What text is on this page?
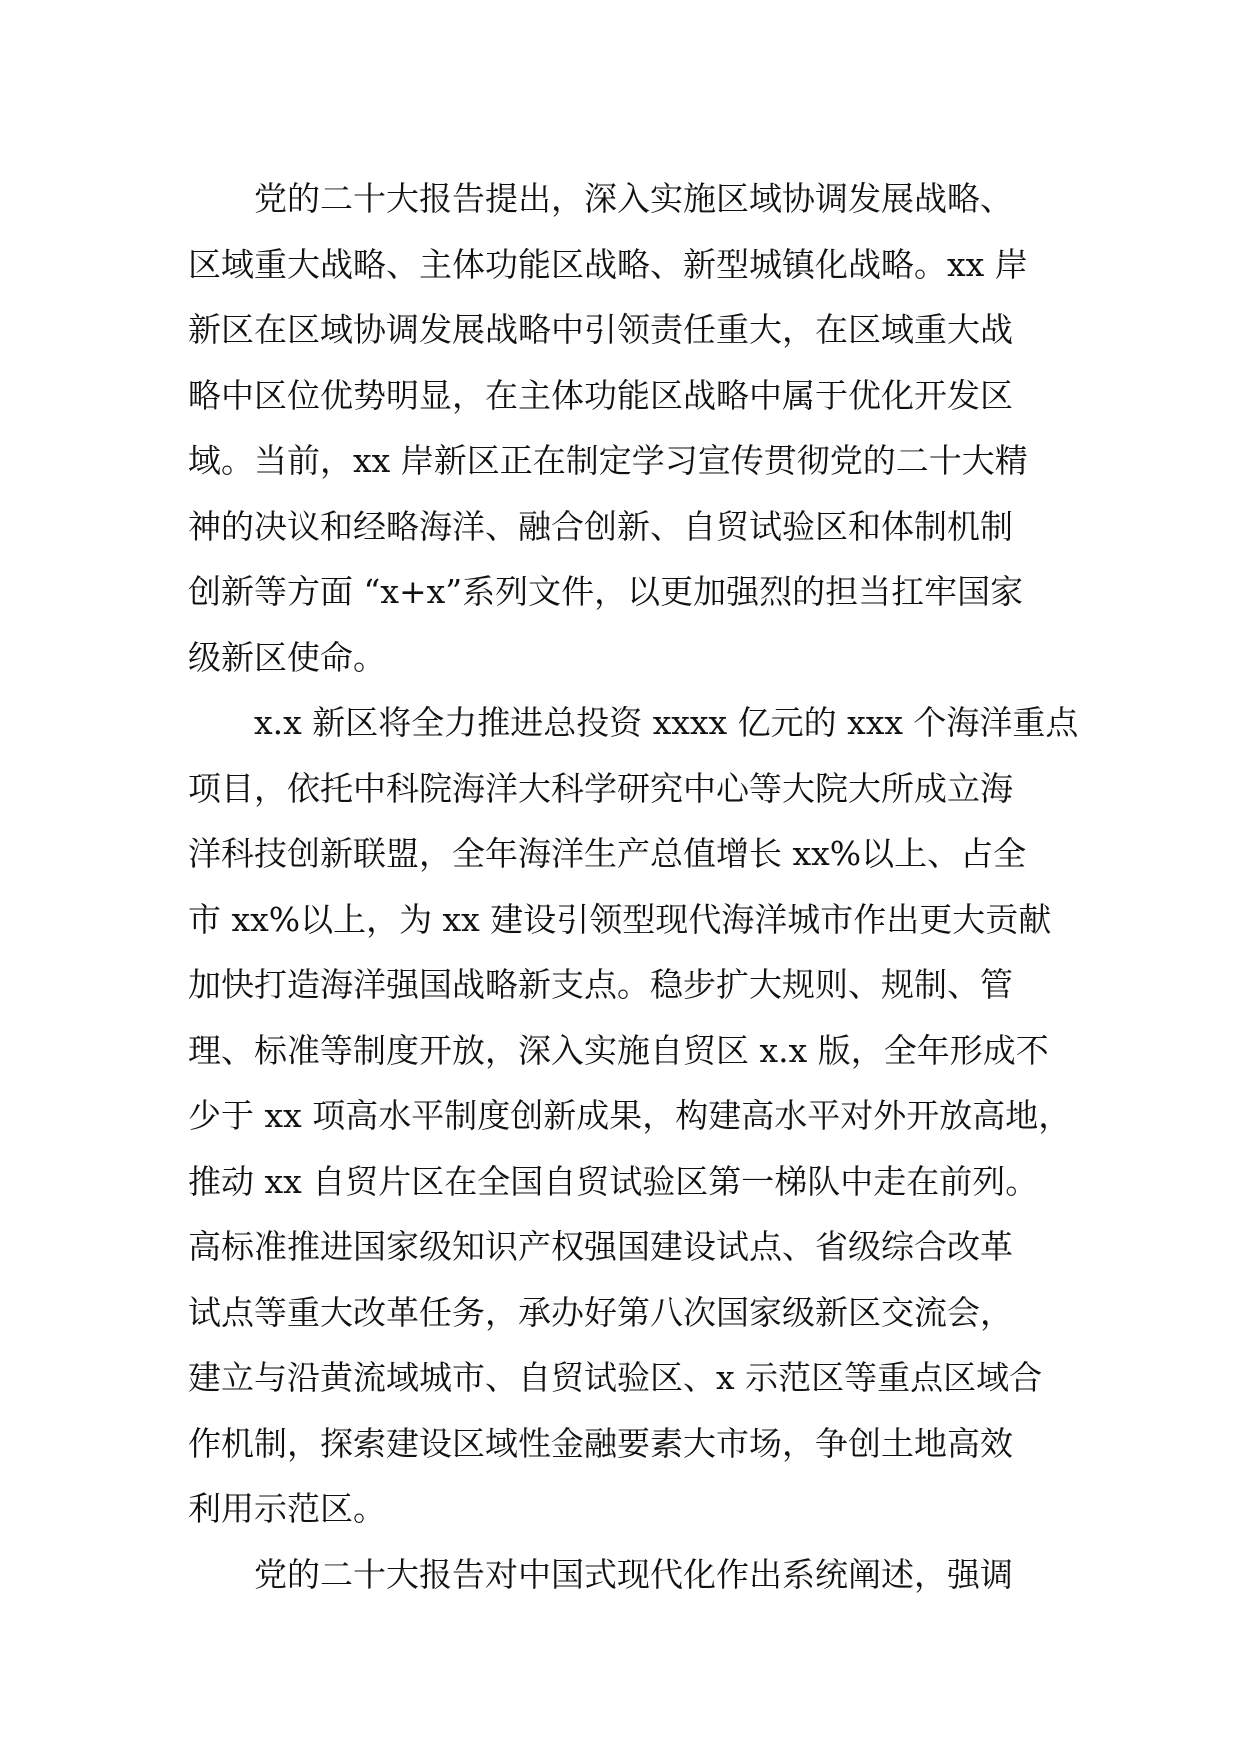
党的二十大报告提出，深入实施区域协调发展战略、
区域重大战略、主体功能区战略、新型城镇化战略。xx 岸
新区在区域协调发展战略中引领责任重大，在区域重大战
略中区位优势明显，在主体功能区战略中属于优化开发区
域。当前，xx 岸新区正在制定学习宣传贯彻党的二十大精
神的决议和经略海洋、融合创新、自贸试验区和体制机制
创新等方面 “x+x”系列文件，以更加强烈的担当扛牢国家
级新区使命。
x.x 新区将全力推进总投资 xxxx 亿元的 xxx 个海洋重点
项目，依托中科院海洋大科学研究中心等大院大所成立海
洋科技创新联盟，全年海洋生产总值增长 xx%以上、占全
市 xx%以上，为 xx 建设引领型现代海洋城市作出更大贡献
加快打造海洋强国战略新支点。稳步扩大规则、规制、管
理、标准等制度开放，深入实施自贸区 x.x 版，全年形成不
少于 xx 项高水平制度创新成果，构建高水平对外开放高地，
推动 xx 自贸片区在全国自贸试验区第一梯队中走在前列。
高标准推进国家级知识产权强国建设试点、省级综合改革
试点等重大改革任务，承办好第八次国家级新区交流会，
建立与沿黄流域城市、自贸试验区、x 示范区等重点区域合
作机制，探索建设区域性金融要素大市场，争创土地高效
利用示范区。
党的二十大报告对中国式现代化作出系统阐述，强调
